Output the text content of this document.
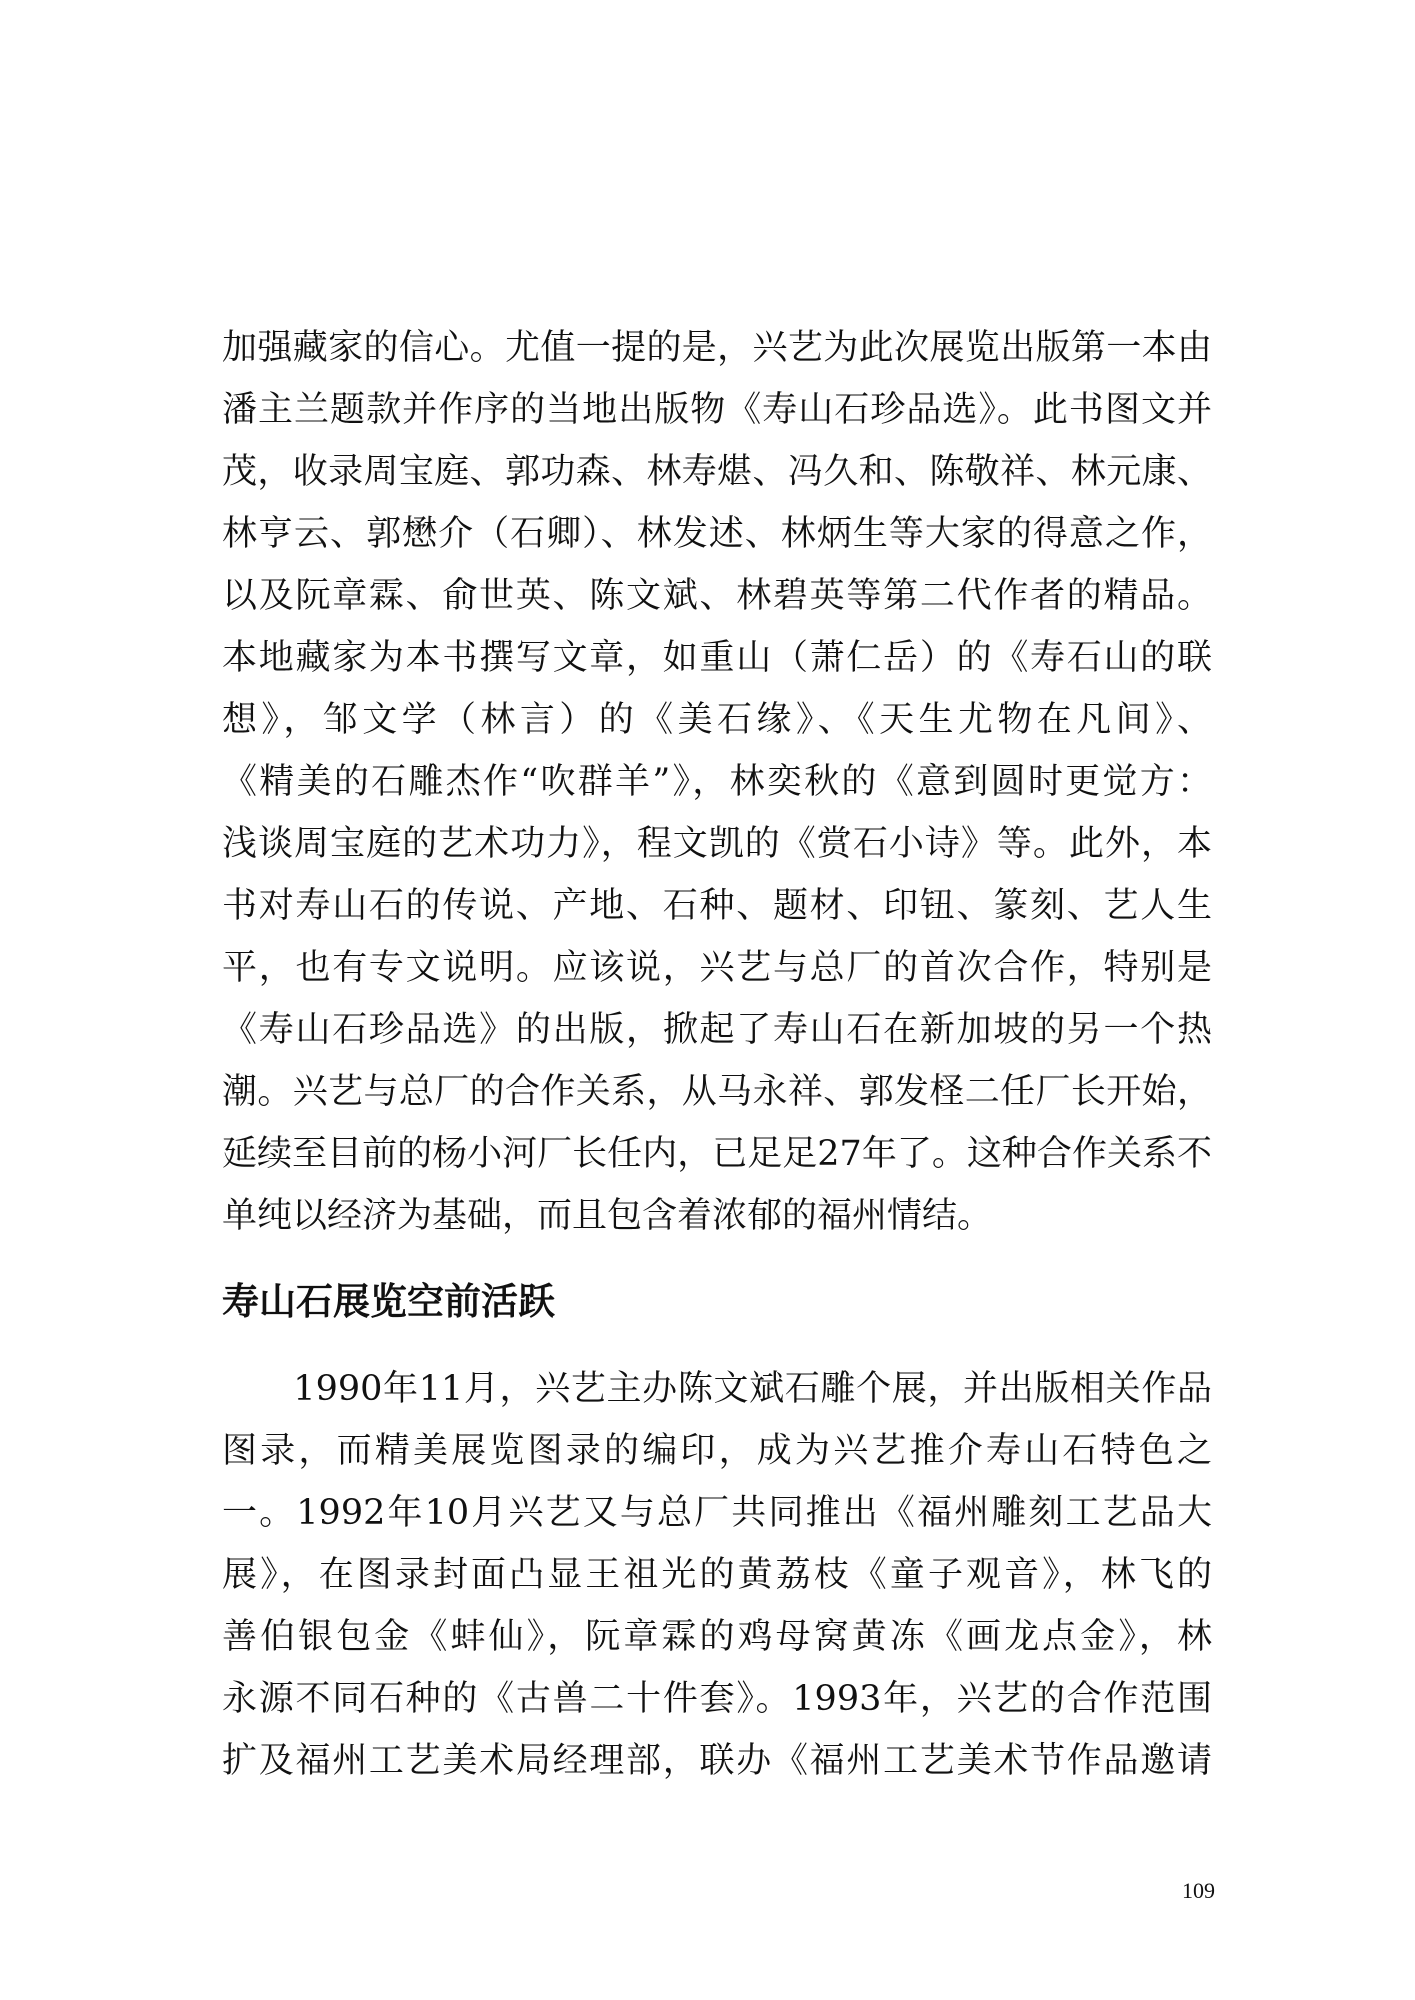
加强藏家的信心。尤值一提的是，兴艺为此次展览出版第一本由
潘主兰题款并作序的当地出版物《寿山石珍品选》。此书图文并
茂，收录周宝庭、郭功森、林寿煁、冯久和、陈敬祥、林元康、
林亨云、郭懋介（石卿）、林发述、林炳生等大家的得意之作，
以及阮章霖、俞世英、陈文斌、林碧英等第二代作者的精品。
本地藏家为本书撰写文章，如重山（萧仁岳）的《寿石山的联
想》，邹文学（林言）的《美石缘》、《天生尤物在凡间》、
《精美的石雕杰作“吹群羊”》，林奕秋的《意到圆时更觉方：
浅谈周宝庭的艺术功力》，程文凯的《赏石小诗》等。此外，本
书对寿山石的传说、产地、石种、题材、印钮、篆刻、艺人生
平，也有专文说明。应该说，兴艺与总厂的首次合作，特别是
《寿山石珍品选》的出版，掀起了寿山石在新加坡的另一个热
潮。兴艺与总厂的合作关系，从马永祥、郭发柽二任厂长开始，
延续至目前的杨小河厂长任内，已足足27年了。这种合作关系不
单纯以经济为基础，而且包含着浓郁的福州情结。
寿山石展览空前活跃
　　1990年11月，兴艺主办陈文斌石雕个展，并出版相关作品
图录，而精美展览图录的编印，成为兴艺推介寿山石特色之
一。1992年10月兴艺又与总厂共同推出《福州雕刻工艺品大
展》，在图录封面凸显王祖光的黄荔枝《童子观音》，林飞的
善伯银包金《蚌仙》，阮章霖的鸡母窝黄冻《画龙点金》，林
永源不同石种的《古兽二十件套》。1993年，兴艺的合作范围
扩及福州工艺美术局经理部，联办《福州工艺美术节作品邀请
109
